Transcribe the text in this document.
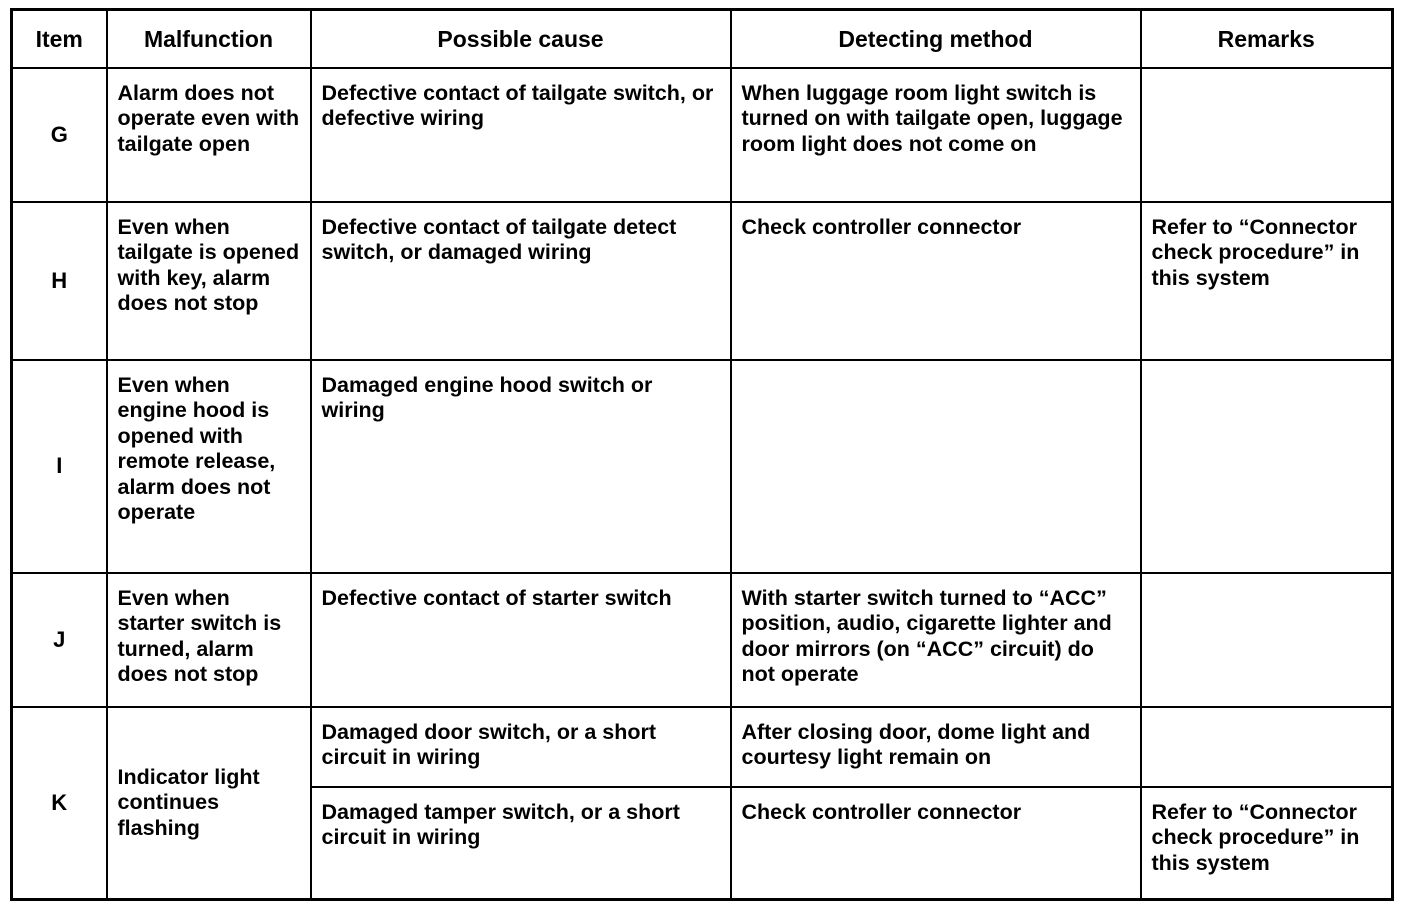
Item	Malfunction	Possible cause	Detecting method	Remarks
G	Alarm does not operate even with tailgate open	Defective contact of tailgate switch, or defective wiring	When luggage room light switch is turned on with tailgate open, luggage room light does not come on	
H	Even when tailgate is opened with key, alarm does not stop	Defective contact of tailgate detect switch, or damaged wiring	Check controller connector	Refer to “Connector check procedure” in this system
I	Even when engine hood is opened with remote release, alarm does not operate	Damaged engine hood switch or wiring		
J	Even when starter switch is turned, alarm does not stop	Defective contact of starter switch	With starter switch turned to “ACC” position, audio, cigarette lighter and door mirrors (on “ACC” circuit) do not operate	
K	Indicator light continues flashing	Damaged door switch, or a short circuit in wiring	After closing door, dome light and courtesy light remain on	
		Damaged tamper switch, or a short circuit in wiring	Check controller connector	Refer to “Connector check procedure” in this system
